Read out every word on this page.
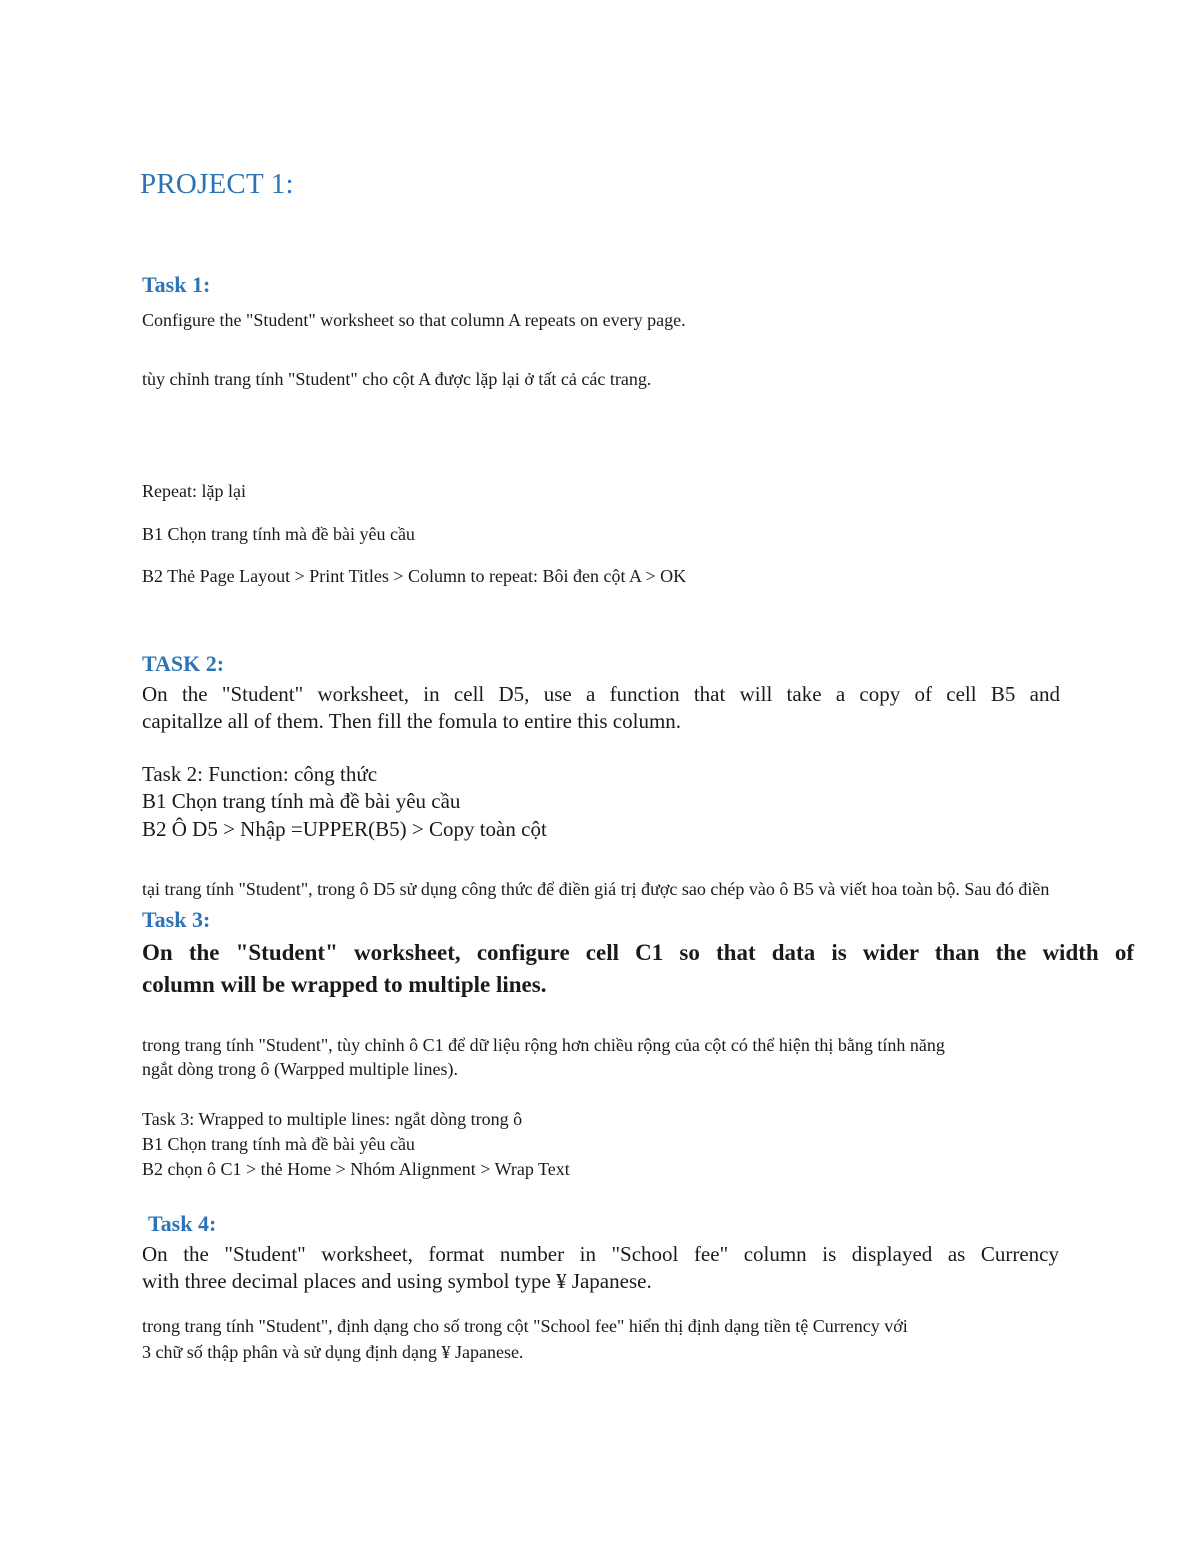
PROJECT 1:
Task 1:
Configure the "Student" worksheet so that column A repeats on every page.
tùy chỉnh trang tính "Student" cho cột A được lặp lại ở tất cả các trang.
Repeat: lặp lại
B1 Chọn trang tính mà đề bài yêu cầu
B2 Thẻ Page Layout > Print Titles > Column to repeat: Bôi đen cột A > OK
TASK 2:
On the "Student" worksheet, in cell D5, use a function that will take a copy of cell B5 and
capitallze all of them. Then fill the fomula to entire this column.
Task 2: Function: công thức
B1 Chọn trang tính mà đề bài yêu cầu
B2 Ô D5 > Nhập =UPPER(B5) > Copy toàn cột
tại trang tính "Student", trong ô D5 sử dụng công thức để điền giá trị được sao chép vào ô B5 và viết hoa toàn bộ. Sau đó điền
Task 3:
On the "Student" worksheet, configure cell C1 so that data is wider than the width of
column will be wrapped to multiple lines.
trong trang tính "Student", tùy chỉnh ô C1 để dữ liệu rộng hơn chiều rộng của cột có thể hiện thị bằng tính năng
ngắt dòng trong ô (Warpped multiple lines).
Task 3: Wrapped to multiple lines: ngắt dòng trong ô
B1 Chọn trang tính mà đề bài yêu cầu
B2 chọn ô C1 > thẻ Home > Nhóm Alignment > Wrap Text
Task 4:
On the "Student" worksheet, format number in "School fee" column is displayed as Currency
with three decimal places and using symbol type ¥ Japanese.
trong trang tính "Student", định dạng cho số trong cột "School fee" hiển thị định dạng tiền tệ Currency với
3 chữ số thập phân và sử dụng định dạng ¥ Japanese.
